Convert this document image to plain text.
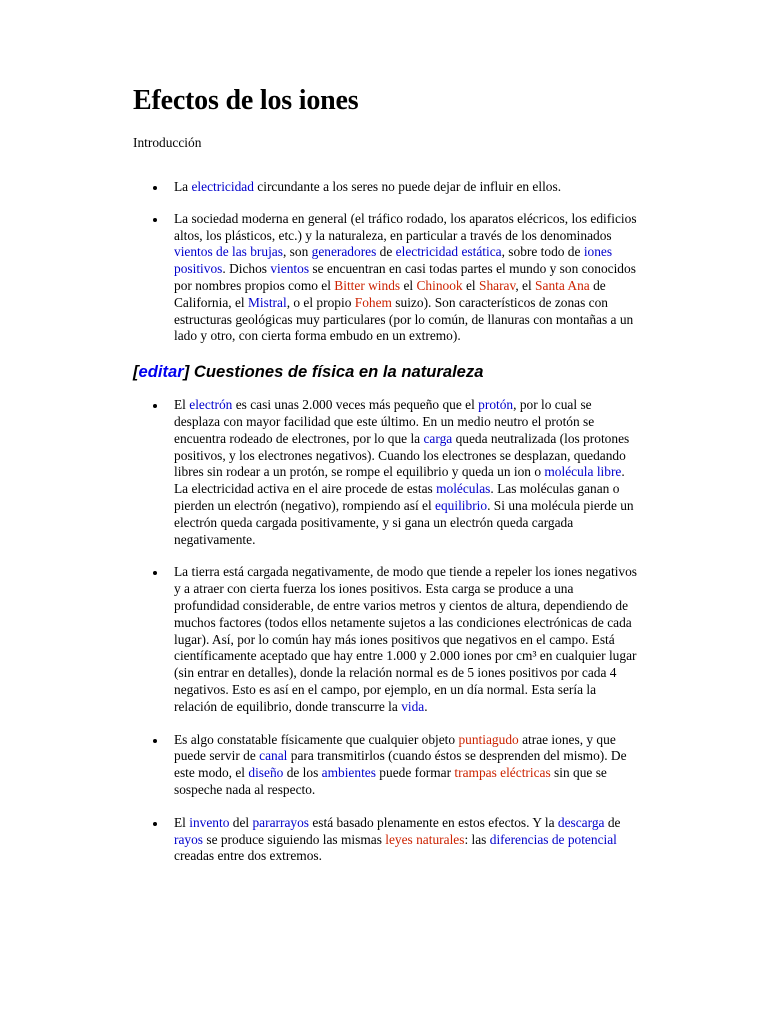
Efectos de los iones

Introducción

La electricidad circundante a los seres no puede dejar de influir en ellos.
La sociedad moderna en general (el tráfico rodado, los aparatos elécricos, los edificios altos, los plásticos, etc.) y la naturaleza, en particular a través de los denominados vientos de las brujas, son generadores de electricidad estática, sobre todo de iones positivos. Dichos vientos se encuentran en casi todas partes el mundo y son conocidos por nombres propios como el Bitter winds el Chinook el Sharav, el Santa Ana de California, el Mistral, o el propio Fohem suizo). Son característicos de zonas con estructuras geológicas muy particulares (por lo común, de llanuras con montañas a un lado y otro, con cierta forma embudo en un extremo).
[editar] Cuestiones de física en la naturaleza
El electrón es casi unas 2.000 veces más pequeño que el protón, por lo cual se desplaza con mayor facilidad que este último. En un medio neutro el protón se encuentra rodeado de electrones, por lo que la carga queda neutralizada (los protones positivos, y los electrones negativos). Cuando los electrones se desplazan, quedando libres sin rodear a un protón, se rompe el equilibrio y queda un ion o molécula libre. La electricidad activa en el aire procede de estas moléculas. Las moléculas ganan o pierden un electrón (negativo), rompiendo así el equilibrio. Si una molécula pierde un electrón queda cargada positivamente, y si gana un electrón queda cargada negativamente.
La tierra está cargada negativamente, de modo que tiende a repeler los iones negativos y a atraer con cierta fuerza los iones positivos. Esta carga se produce a una profundidad considerable, de entre varios metros y cientos de altura, dependiendo de muchos factores (todos ellos netamente sujetos a las condiciones electrónicas de cada lugar). Así, por lo común hay más iones positivos que negativos en el campo. Está científicamente aceptado que hay entre 1.000 y 2.000 iones por cm³ en cualquier lugar (sin entrar en detalles), donde la relación normal es de 5 iones positivos por cada 4 negativos. Esto es así en el campo, por ejemplo, en un día normal. Esta sería la relación de equilibrio, donde transcurre la vida.
Es algo constatable físicamente que cualquier objeto puntiagudo atrae iones, y que puede servir de canal para transmitirlos (cuando éstos se desprenden del mismo). De este modo, el diseño de los ambientes puede formar trampas eléctricas sin que se sospeche nada al respecto.
El invento del pararrayos está basado plenamente en estos efectos. Y la descarga de rayos se produce siguiendo las mismas leyes naturales: las diferencias de potencial creadas entre dos extremos.
